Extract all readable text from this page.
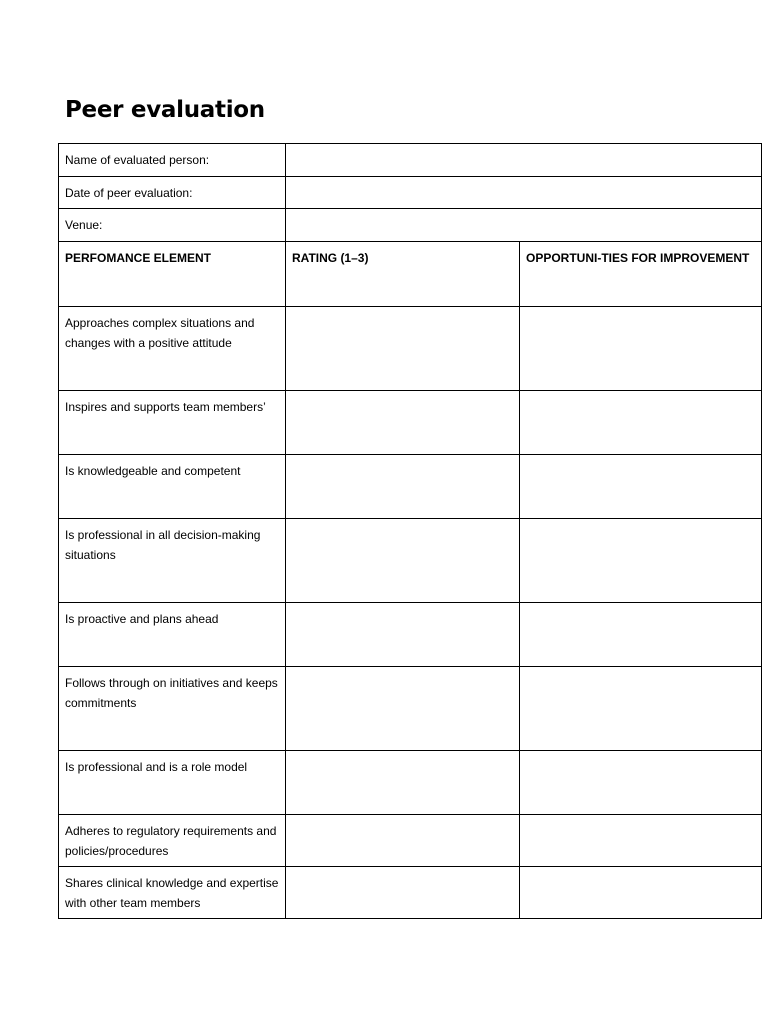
Peer evaluation
Name of evaluated person:		
Date of peer evaluation:		
Venue:		
PERFOMANCE ELEMENT	RATING (1–3)	OPPORTUNI-TIES FOR IMPROVEMENT
Approaches complex situations and changes with a positive attitude		
Inspires and supports team members’		
Is knowledgeable and competent		
Is professional in all decision-making situations		
Is proactive and plans ahead		
Follows through on initiatives and keeps commitments		
Is professional and is a role model		
Adheres to regulatory requirements and policies/procedures		
Shares clinical knowledge and expertise with other team members		
